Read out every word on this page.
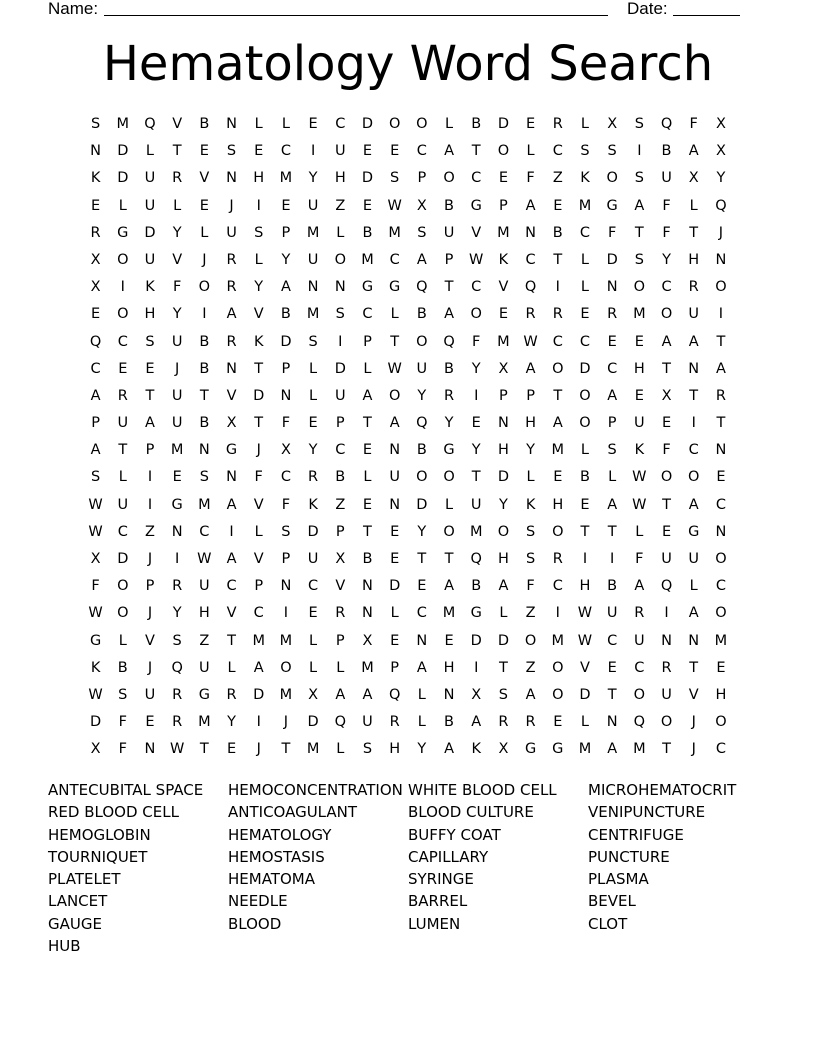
Name:	Date:
Hematology Word Search
S	M	Q	V	B	N	L	L	E	C	D	O	O	L	B	D	E	R	L	X	S	Q	F	X
N	D	L	T	E	S	E	C	I	U	E	E	C	A	T	O	L	C	S	S	I	B	A	X
K	D	U	R	V	N	H	M	Y	H	D	S	P	O	C	E	F	Z	K	O	S	U	X	Y
E	L	U	L	E	J	I	E	U	Z	E	W	X	B	G	P	A	E	M	G	A	F	L	Q
R	G	D	Y	L	U	S	P	M	L	B	M	S	U	V	M	N	B	C	F	T	F	T	J
X	O	U	V	J	R	L	Y	U	O	M	C	A	P	W	K	C	T	L	D	S	Y	H	N
X	I	K	F	O	R	Y	A	N	N	G	G	Q	T	C	V	Q	I	L	N	O	C	R	O
E	O	H	Y	I	A	V	B	M	S	C	L	B	A	O	E	R	R	E	R	M	O	U	I
Q	C	S	U	B	R	K	D	S	I	P	T	O	Q	F	M W	C	C	E	E	A	A	T
C	E	E	J	B	N	T	P	L	D	L	W	U	B	Y	X	A	O	D	C	H	T	N	A
A	R	T	U	T	V	D	N	L	U	A	O	Y	R	I	P	P	T	O	A	E	X	T	R
P	U	A	U	B	X	T	F	E	P	T	A	Q	Y	E	N	H	A	O	P	U	E	I	T
A	T	P	M	N	G	J	X	Y	C	E	N	B	G	Y	H	Y	M	L	S	K	F	C	N
S	L	I	E	S	N	F	C	R	B	L	U	O	O	T	D	L	E	B	L	W O	O	E
W	U	I	G	M	A	V	F	K	Z	E	N	D	L	U	Y	K	H	E	A	W	T	A	C
W	C	Z	N	C	I	L	S	D	P	T	E	Y	O	M	O	S	O	T	T	L	E	G	N
X	D	J	I	W	A	V	P	U	X	B	E	T	T	Q	H	S	R	I	I	F	U	U	O
F	O	P	R	U	C	P	N	C	V	N	D	E	A	B	A	F	C	H	B	A	Q	L	C
W O	J	Y	H	V	C	I	E	R	N	L	C	M	G	L	Z	I	W	U	R	I	A	O
G	L	V	S	Z	T	M	M	L	P	X	E	N	E	D	D	O	M W	C	U	N	N	M
K	B	J	Q	U	L	A	O	L	L	M	P	A	H	I	T	Z	O	V	E	C	R	T	E
W	S	U	R	G	R	D	M	X	A	A	Q	L	N	X	S	A	O	D	T	O	U	V	H
D	F	E	R	M	Y	I	J	D	Q	U	R	L	B	A	R	R	E	L	N	Q	O	J	O
X	F	N	W	T	E	J	T	M	L	S	H	Y	A	K	X	G	G	M	A	M	T	J	C
ANTECUBITAL SPACE
RED BLOOD CELL
HEMOGLOBIN
TOURNIQUET
PLATELET
LANCET
GAUGE
HUB
HEMOCONCENTRATION
ANTICOAGULANT
HEMATOLOGY
HEMOSTASIS
HEMATOMA
NEEDLE
BLOOD
WHITE BLOOD CELL
BLOOD CULTURE
BUFFY COAT
CAPILLARY
SYRINGE
BARREL
LUMEN
MICROHEMATOCRIT
VENIPUNCTURE
CENTRIFUGE
PUNCTURE
PLASMA
BEVEL
CLOT
